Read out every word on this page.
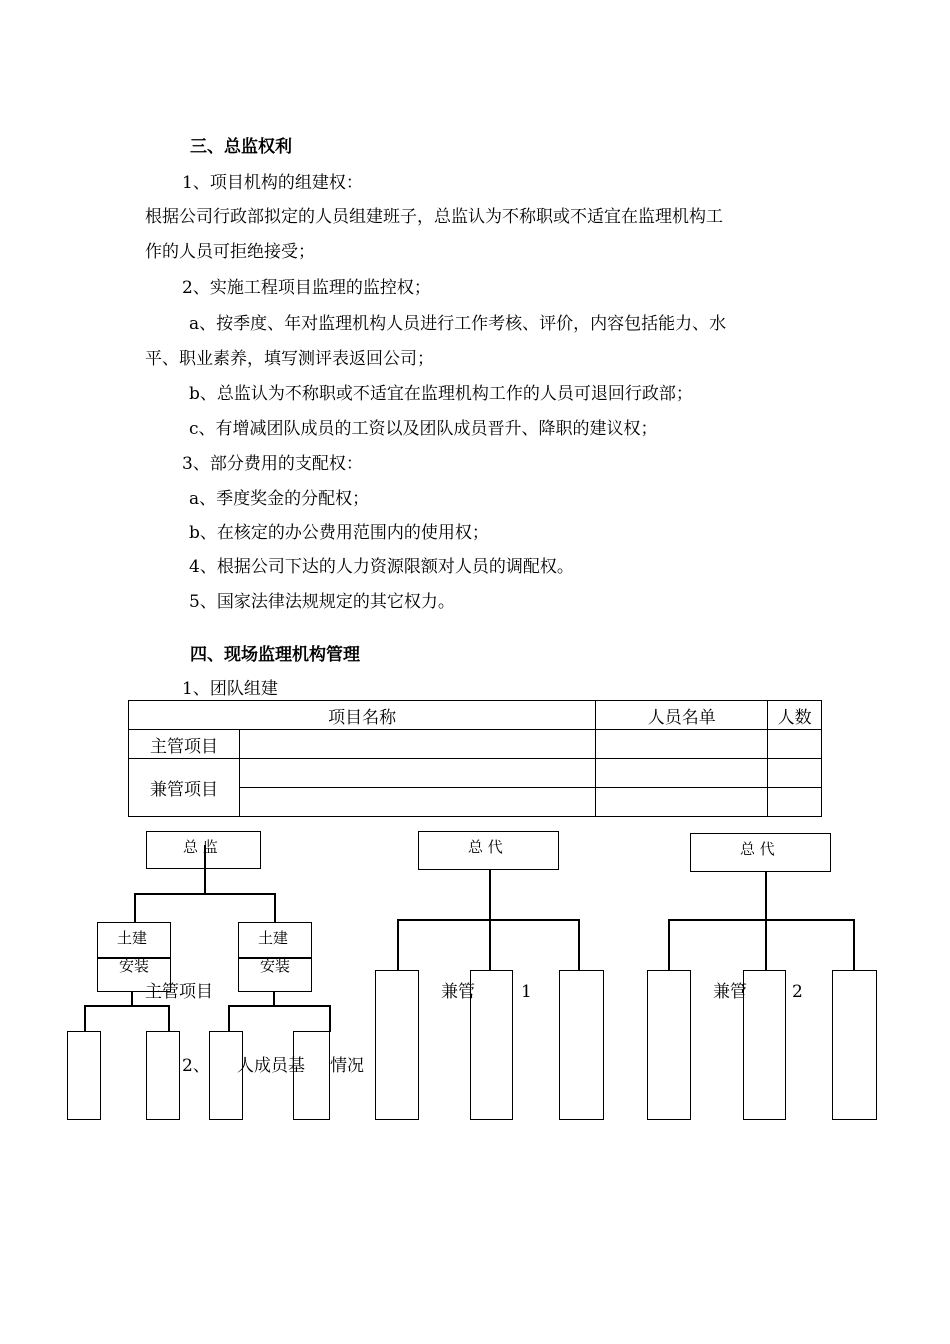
三、总监权利
1、项目机构的组建权：
根据公司行政部拟定的人员组建班子，总监认为不称职或不适宜在监理机构工
作的人员可拒绝接受；
2、实施工程项目监理的监控权；
a、按季度、年对监理机构人员进行工作考核、评价，内容包括能力、水
平、职业素养，填写测评表返回公司；
b、总监认为不称职或不适宜在监理机构工作的人员可退回行政部；
c、有增减团队成员的工资以及团队成员晋升、降职的建议权；
3、部分费用的支配权：
a、季度奖金的分配权；
b、在核定的办公费用范围内的使用权；
4、根据公司下达的人力资源限额对人员的调配权。
5、国家法律法规规定的其它权力。
四、现场监理机构管理
1、团队组建
项目名称		人员名单	人数
主管项目			
兼管项目			

总 监
土建
安装
土建
安装
主管项目
2、 人成员基 情况
总 代
兼管	1
总 代
兼管	2
